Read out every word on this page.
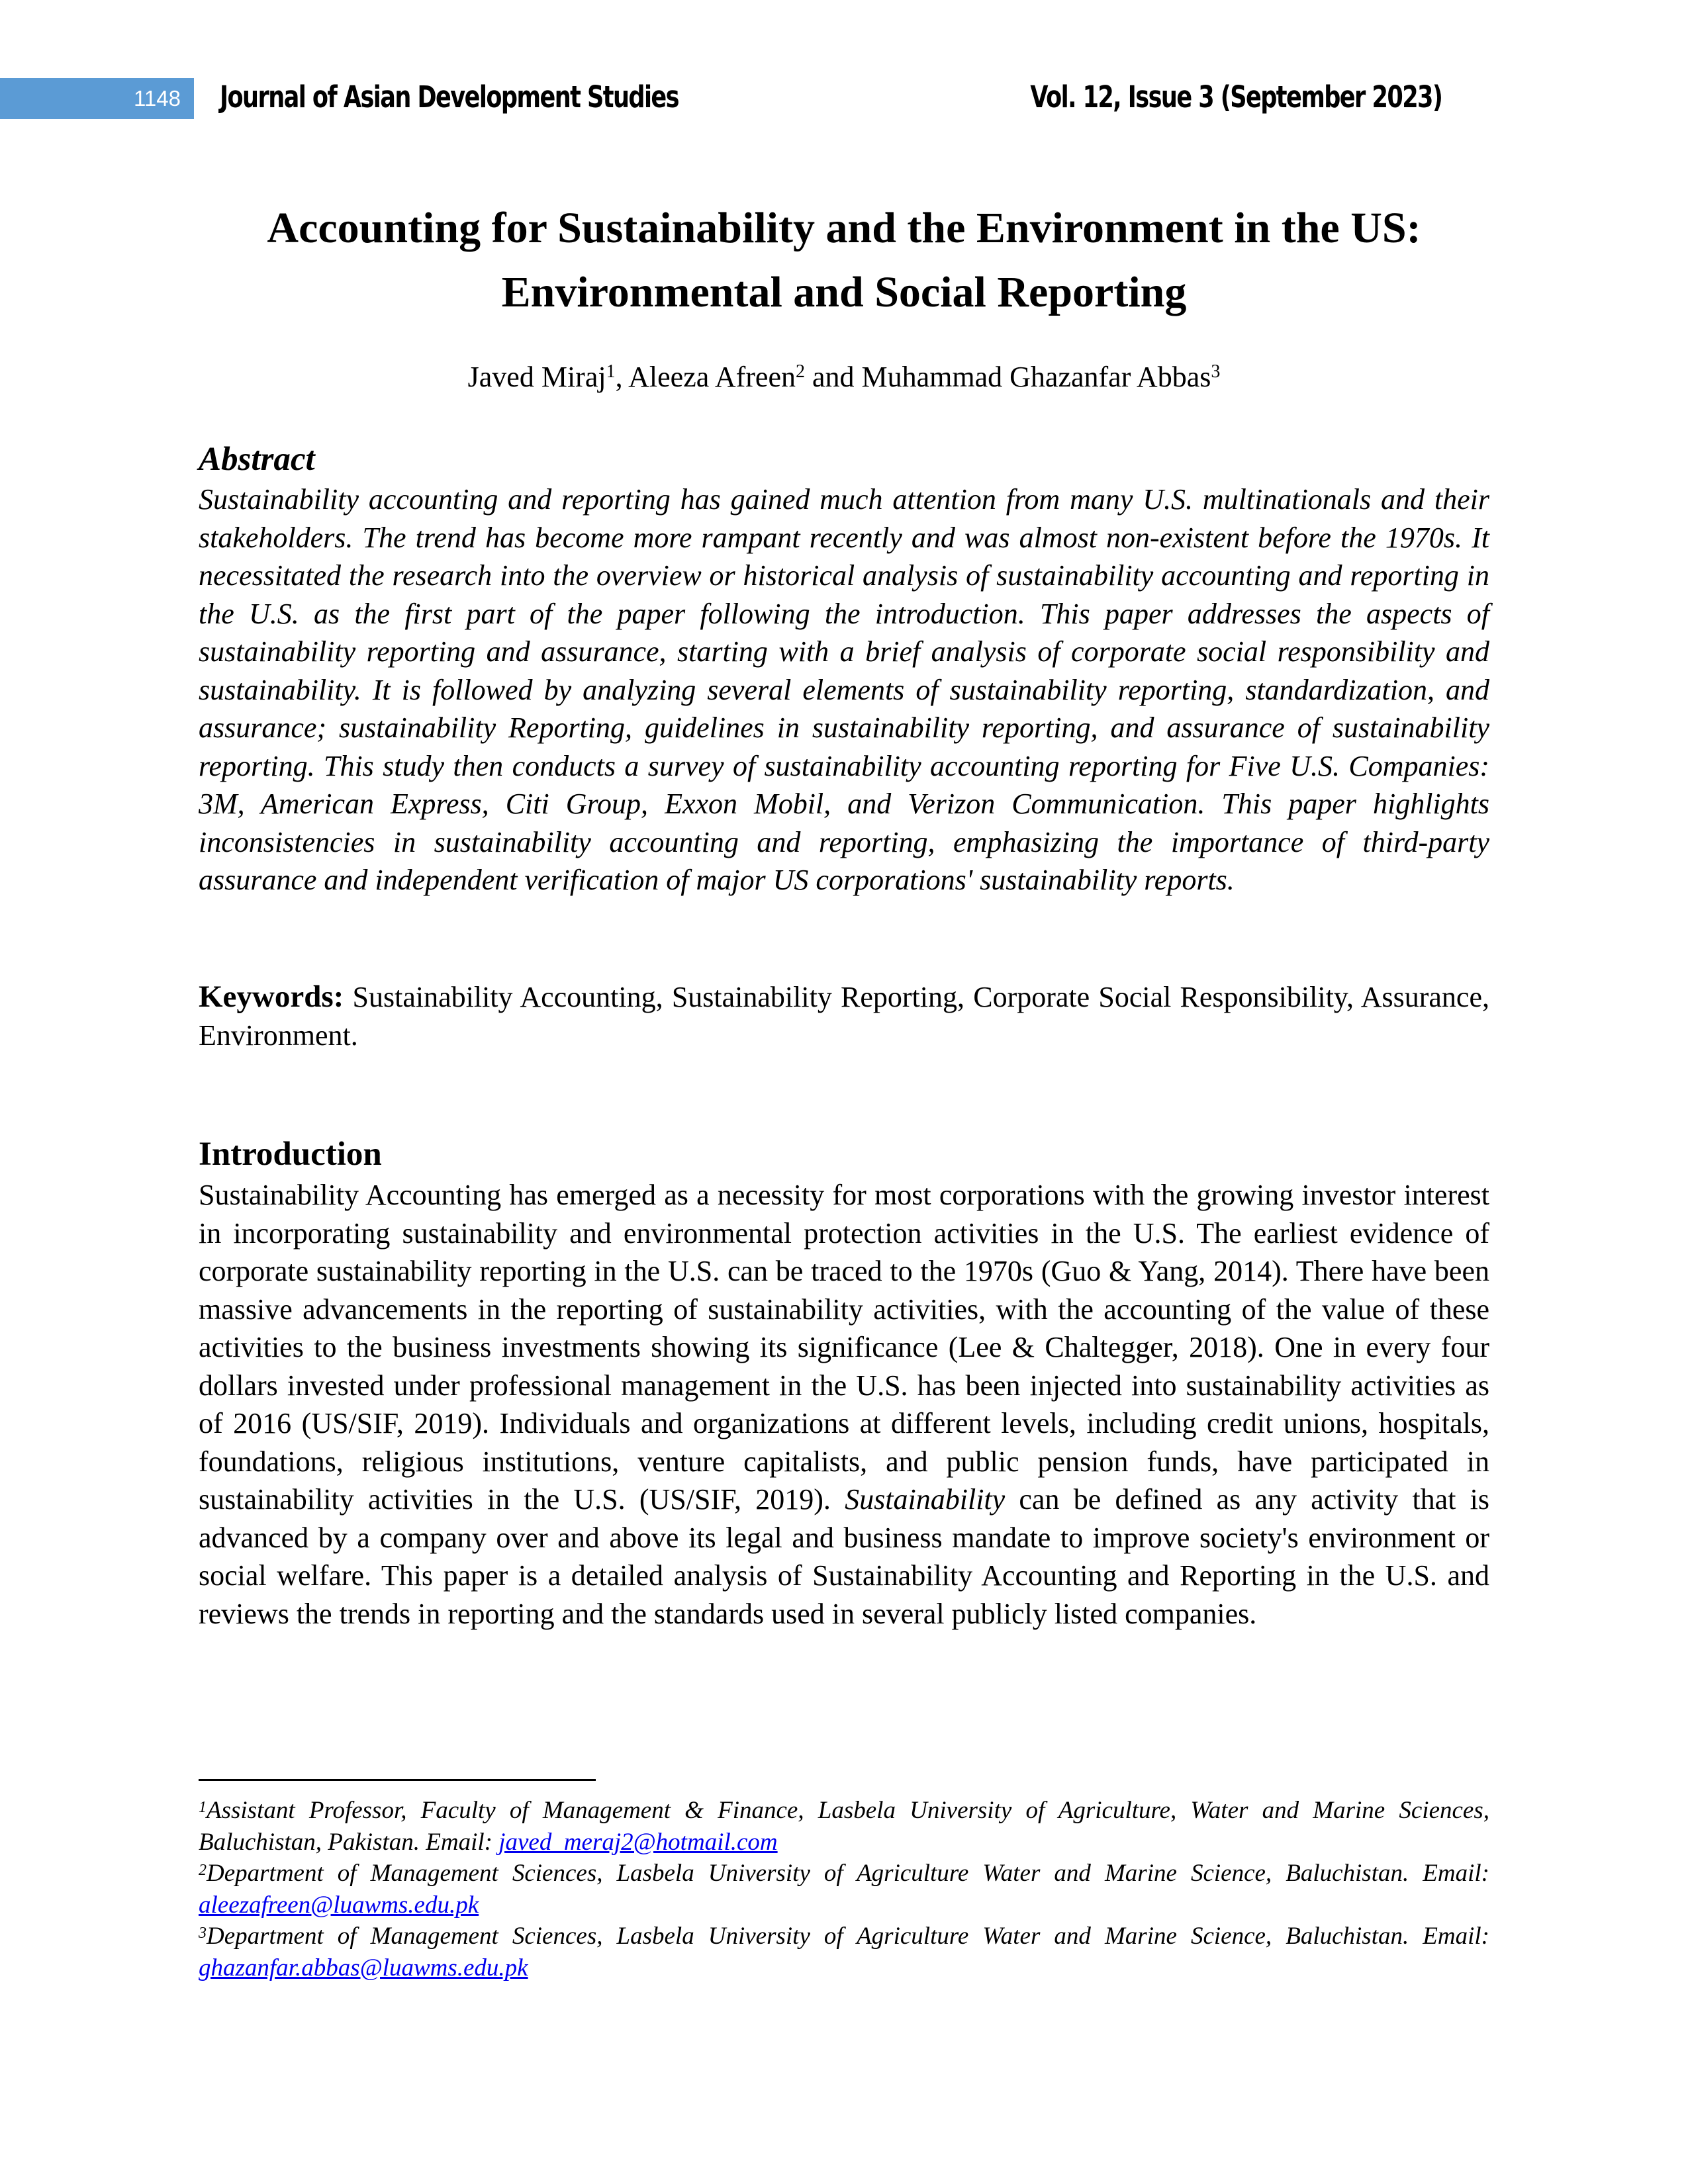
1148	Journal of Asian Development Studies	Vol. 12, Issue 3 (September 2023)
Accounting for Sustainability and the Environment in the US:
Environmental and Social Reporting
Javed Miraj$^1$, Aleeza Afreen$^2$ and Muhammad Ghazanfar Abbas$^3$
Abstract
Sustainability accounting and reporting has gained much attention from many U.S. multinationals and their stakeholders. The trend has become more rampant recently and was almost non-existent before the 1970s. It necessitated the research into the overview or historical analysis of sustainability accounting and reporting in the U.S. as the first part of the paper following the introduction. This paper addresses the aspects of sustainability reporting and assurance, starting with a brief analysis of corporate social responsibility and sustainability. It is followed by analyzing several elements of sustainability reporting, standardization, and assurance; sustainability Reporting, guidelines in sustainability reporting, and assurance of sustainability reporting. This study then conducts a survey of sustainability accounting reporting for Five U.S. Companies: 3M, American Express, Citi Group, Exxon Mobil, and Verizon Communication. This paper highlights inconsistencies in sustainability accounting and reporting, emphasizing the importance of third-party assurance and independent verification of major US corporations' sustainability reports.
Keywords: Sustainability Accounting, Sustainability Reporting, Corporate Social Responsibility, Assurance, Environment.
Introduction
Sustainability Accounting has emerged as a necessity for most corporations with the growing investor interest in incorporating sustainability and environmental protection activities in the U.S. The earliest evidence of corporate sustainability reporting in the U.S. can be traced to the 1970s (Guo & Yang, 2014). There have been massive advancements in the reporting of sustainability activities, with the accounting of the value of these activities to the business investments showing its significance (Lee & Chaltegger, 2018). One in every four dollars invested under professional management in the U.S. has been injected into sustainability activities as of 2016 (US/SIF, 2019). Individuals and organizations at different levels, including credit unions, hospitals, foundations, religious institutions, venture capitalists, and public pension funds, have participated in sustainability activities in the U.S. (US/SIF, 2019). Sustainability can be defined as any activity that is advanced by a company over and above its legal and business mandate to improve society's environment or social welfare. This paper is a detailed analysis of Sustainability Accounting and Reporting in the U.S. and reviews the trends in reporting and the standards used in several publicly listed companies.

$^1$Assistant Professor, Faculty of Management & Finance, Lasbela University of Agriculture, Water and Marine Sciences, Baluchistan, Pakistan. Email: javed_meraj2@hotmail.com

$^2$Department of Management Sciences, Lasbela University of Agriculture Water and Marine Science, Baluchistan. Email: aleezafreen@luawms.edu.pk

$^3$Department of Management Sciences, Lasbela University of Agriculture Water and Marine Science, Baluchistan. Email: ghazanfar.abbas@luawms.edu.pk
